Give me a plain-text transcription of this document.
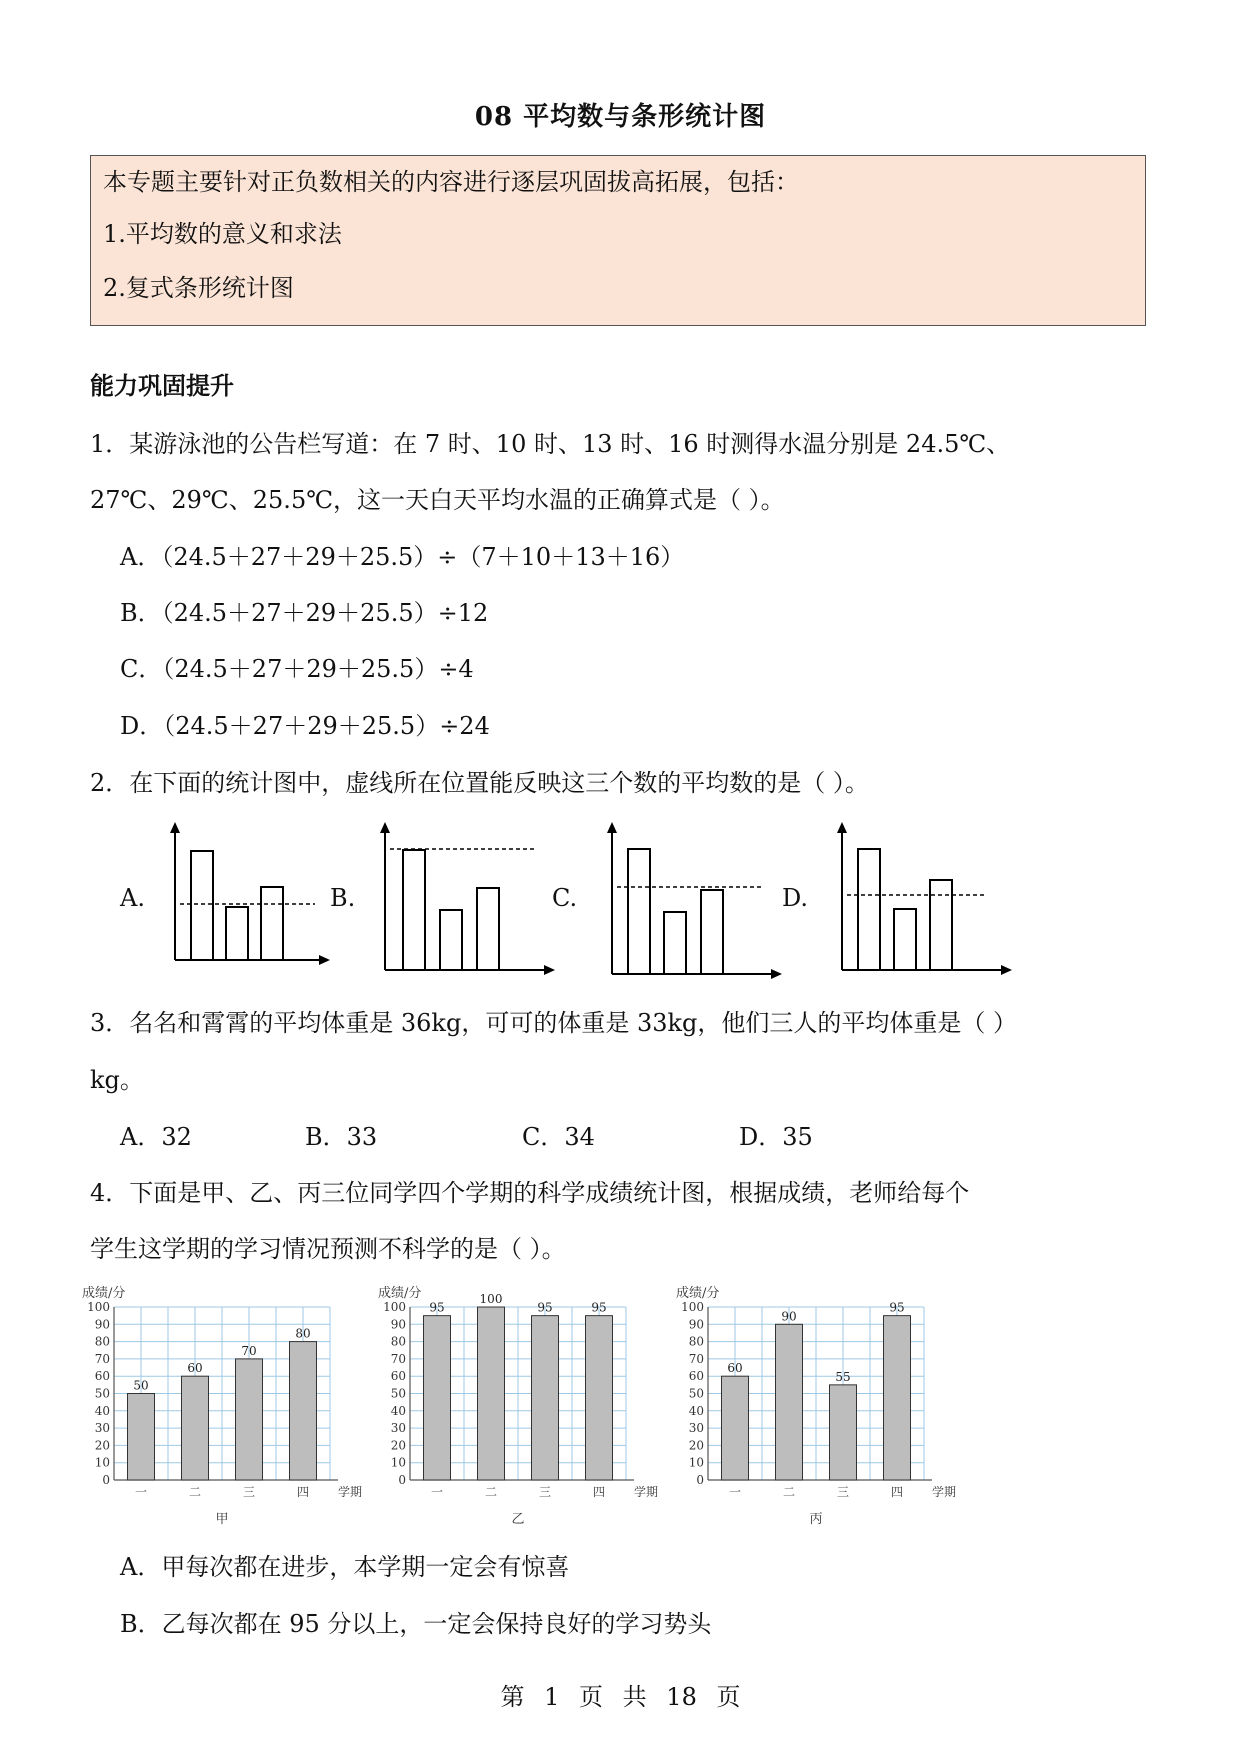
08 平均数与条形统计图
本专题主要针对正负数相关的内容进行逐层巩固拔高拓展，包括：
1.平均数的意义和求法
2.复式条形统计图
能力巩固提升
1．某游泳池的公告栏写道：在 7 时、10 时、13 时、16 时测得水温分别是 24.5℃、
27℃、29℃、25.5℃，这一天白天平均水温的正确算式是（ ）。
A．（24.5＋27＋29＋25.5）÷（7＋10＋13＋16）
B．（24.5＋27＋29＋25.5）÷12
C．（24.5＋27＋29＋25.5）÷4
D．（24.5＋27＋29＋25.5）÷24
2．在下面的统计图中，虚线所在位置能反映这三个数的平均数的是（ ）。
A.	B.	C.	D.
3．名名和霄霄的平均体重是 36kg，可可的体重是 33kg，他们三人的平均体重是（ ）
kg。
A．32	B．33	C．34	D．35
4．下面是甲、乙、丙三位同学四个学期的科学成绩统计图，根据成绩，老师给每个
学生这学期的学习情况预测不科学的是（ ）。
成绩/分
0
10
20
30
40
50
60
70
80
90
100
50
一
60
二
70
三
80
四 学期
甲
成绩/分
0
10
20
30
40
50
60
70
80
90
100 95
一
100
二
95
三
95
四 学期
乙
成绩/分
0
10
20
30
40
50
60
70
80
90
100
60
一
90
二
55
三
95
四 学期
丙
A．甲每次都在进步，本学期一定会有惊喜
B．乙每次都在 95 分以上，一定会保持良好的学习势头
第 1 页 共 18 页
